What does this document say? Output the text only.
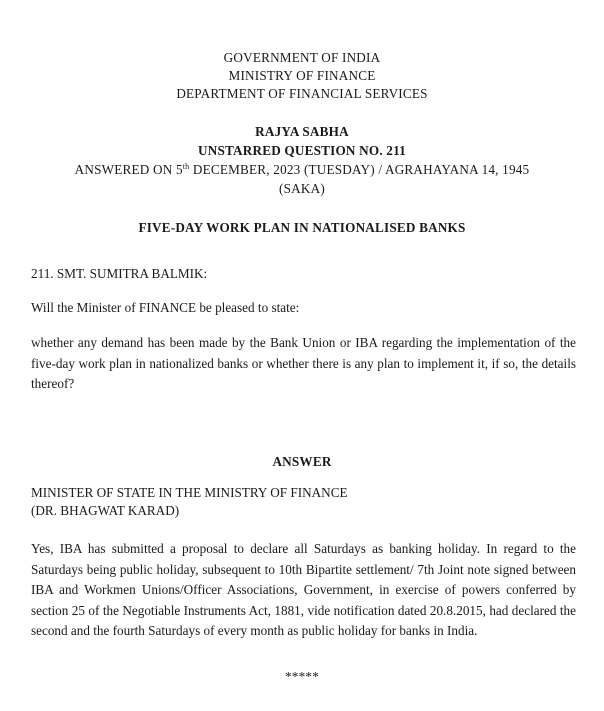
GOVERNMENT OF INDIA
MINISTRY OF FINANCE
DEPARTMENT OF FINANCIAL SERVICES
RAJYA SABHA
UNSTARRED QUESTION NO. 211
ANSWERED ON 5th DECEMBER, 2023 (TUESDAY) / AGRAHAYANA 14, 1945
(SAKA)
FIVE-DAY WORK PLAN IN NATIONALISED BANKS
211. SMT. SUMITRA BALMIK:
Will the Minister of FINANCE be pleased to state:
whether any demand has been made by the Bank Union or IBA regarding the implementation of the five-day work plan in nationalized banks or whether there is any plan to implement it, if so, the details thereof?
ANSWER
MINISTER OF STATE IN THE MINISTRY OF FINANCE
(DR. BHAGWAT KARAD)
Yes, IBA has submitted a proposal to declare all Saturdays as banking holiday. In regard to the Saturdays being public holiday, subsequent to 10th Bipartite settlement/ 7th Joint note signed between IBA and Workmen Unions/Officer Associations, Government, in exercise of powers conferred by section 25 of the Negotiable Instruments Act, 1881, vide notification dated 20.8.2015, had declared the second and the fourth Saturdays of every month as public holiday for banks in India.
*****
